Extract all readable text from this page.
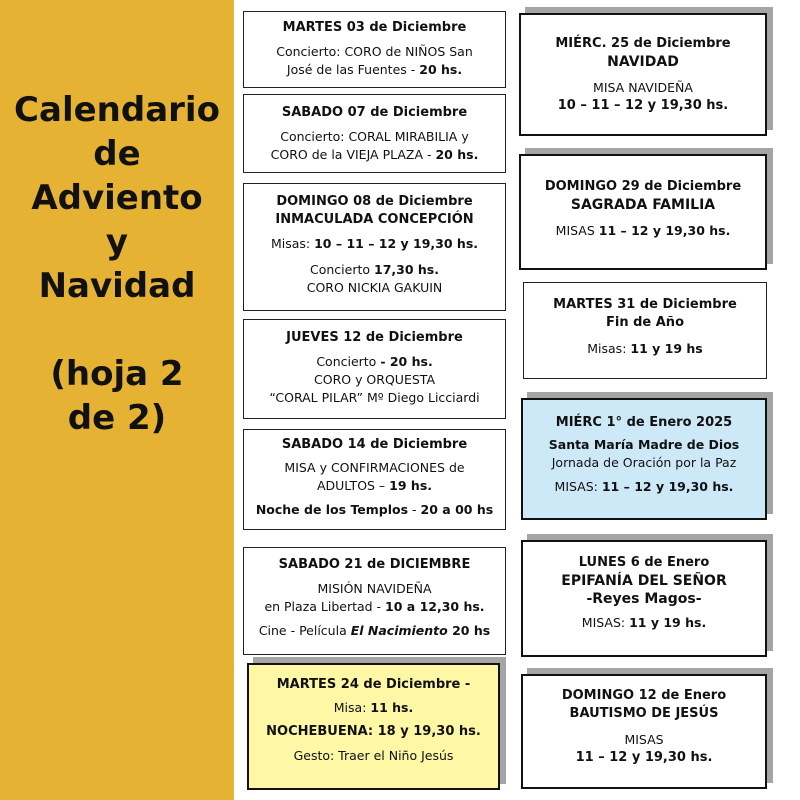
Calendario
de
Adviento
y
Navidad
(hoja 2
de 2)
MARTES 03 de Diciembre
Concierto: CORO de NIÑOS San
José de las Fuentes - 20 hs.
SABADO 07 de Diciembre
Concierto: CORAL MIRABILIA y
CORO de la VIEJA PLAZA - 20 hs.
DOMINGO 08 de Diciembre
INMACULADA CONCEPCIÓN
Misas: 10 – 11 – 12 y 19,30 hs.
Concierto 17,30 hs.
CORO NICKIA GAKUIN
JUEVES 12 de Diciembre
Concierto - 20 hs.
CORO y ORQUESTA
“CORAL PILAR” Mº Diego Licciardi
SABADO 14 de Diciembre
MISA y CONFIRMACIONES de
ADULTOS – 19 hs.
Noche de los Templos - 20 a 00 hs
SABADO 21 de DICIEMBRE
MISIÓN NAVIDEÑA
en Plaza Libertad - 10 a 12,30 hs.
Cine - Película El Nacimiento 20 hs
MARTES 24 de Diciembre -
Misa: 11 hs.
NOCHEBUENA: 18 y 19,30 hs.
Gesto: Traer el Niño Jesús
MIÉRC. 25 de Diciembre
NAVIDAD
MISA NAVIDEÑA
10 – 11 – 12 y 19,30 hs.
DOMINGO 29 de Diciembre
SAGRADA FAMILIA
MISAS 11 – 12 y 19,30 hs.
MARTES 31 de Diciembre
Fin de Año
Misas: 11 y 19 hs
MIÉRC 1° de Enero 2025
Santa María Madre de Dios
Jornada de Oración por la Paz
MISAS: 11 – 12 y 19,30 hs.
LUNES 6 de Enero
EPIFANÍA DEL SEÑOR
-Reyes Magos-
MISAS: 11 y 19 hs.
DOMINGO 12 de Enero
BAUTISMO DE JESÚS
MISAS
11 – 12 y 19,30 hs.
